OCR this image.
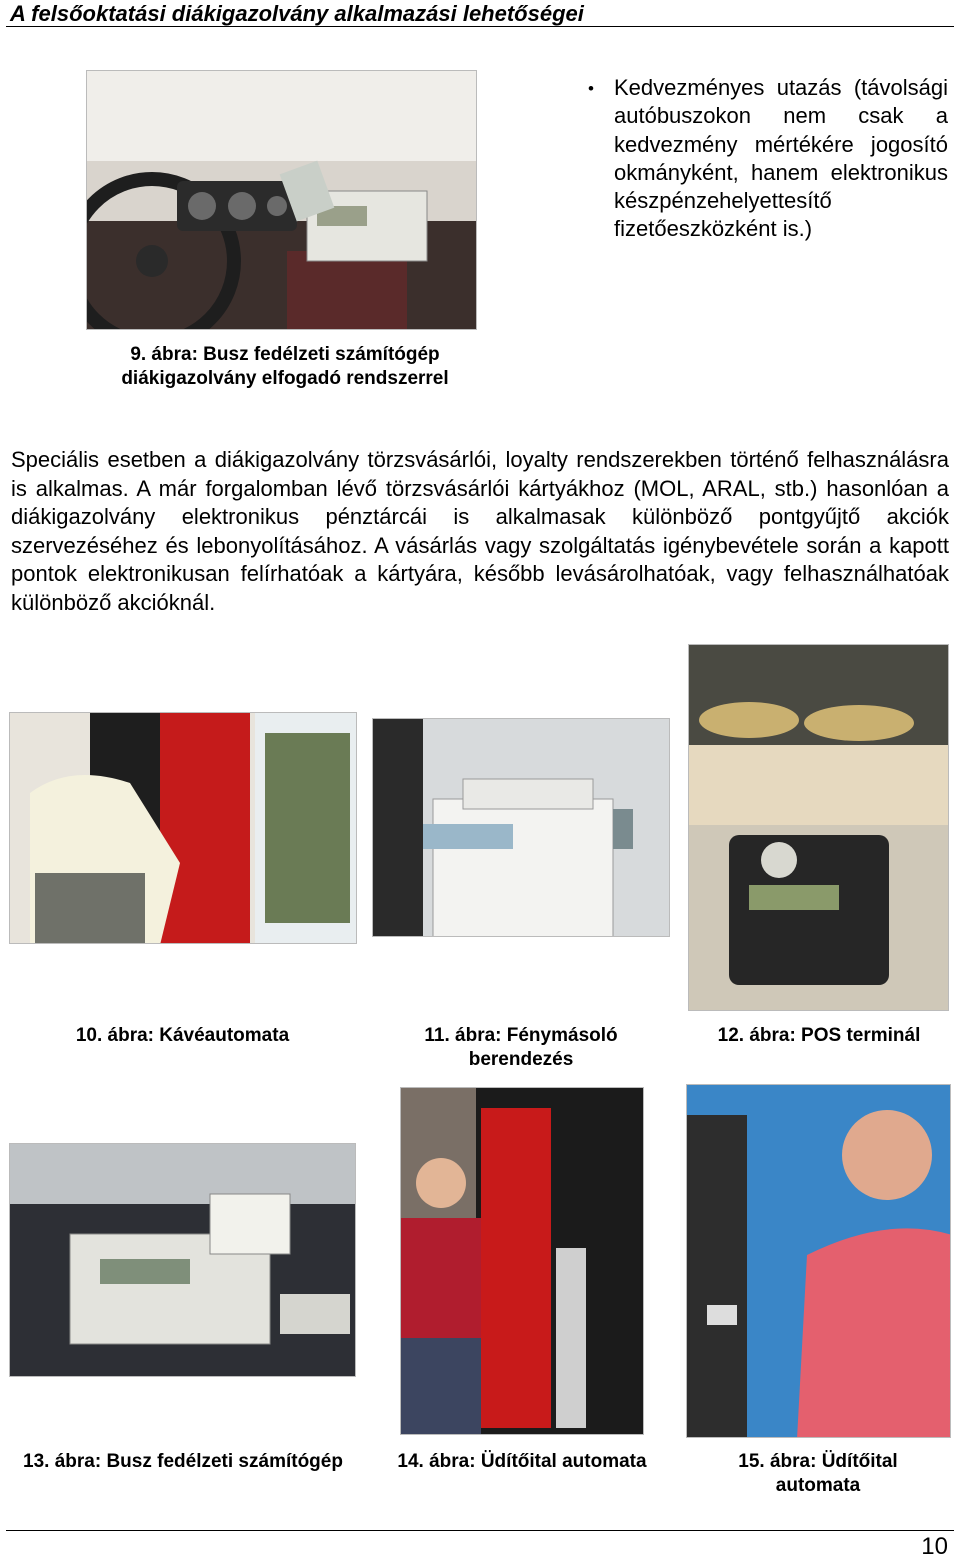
A felsőoktatási diákigazolvány alkalmazási lehetőségei
9. ábra: Busz fedélzeti számítógép diákigazolvány elfogadó rendszerrel
• Kedvezményes utazás (távolsági autóbuszokon nem csak a kedvezmény mértékére jogosító okmányként, hanem elektronikus készpénzehelyettesítő fizetőeszközként is.)
Speciális esetben a diákigazolvány törzsvásárlói, loyalty rendszerekben történő felhasználásra is alkalmas. A már forgalomban lévő törzsvásárlói kártyákhoz (MOL, ARAL, stb.) hasonlóan a diákigazolvány elektronikus pénztárcái is alkalmasak különböző pontgyűjtő akciók szervezéséhez és lebonyolításához. A vásárlás vagy szolgáltatás igénybevétele során a kapott pontok elektronikusan felírhatóak a kártyára, később levásárolhatóak, vagy felhasználhatóak különböző akcióknál.
10. ábra: Kávéautomata	11. ábra: Fénymásoló berendezés
12. ábra: POS terminál
13. ábra: Busz fedélzeti számítógép	14. ábra: Üdítőital automata	15. ábra: Üdítőital automata
10
